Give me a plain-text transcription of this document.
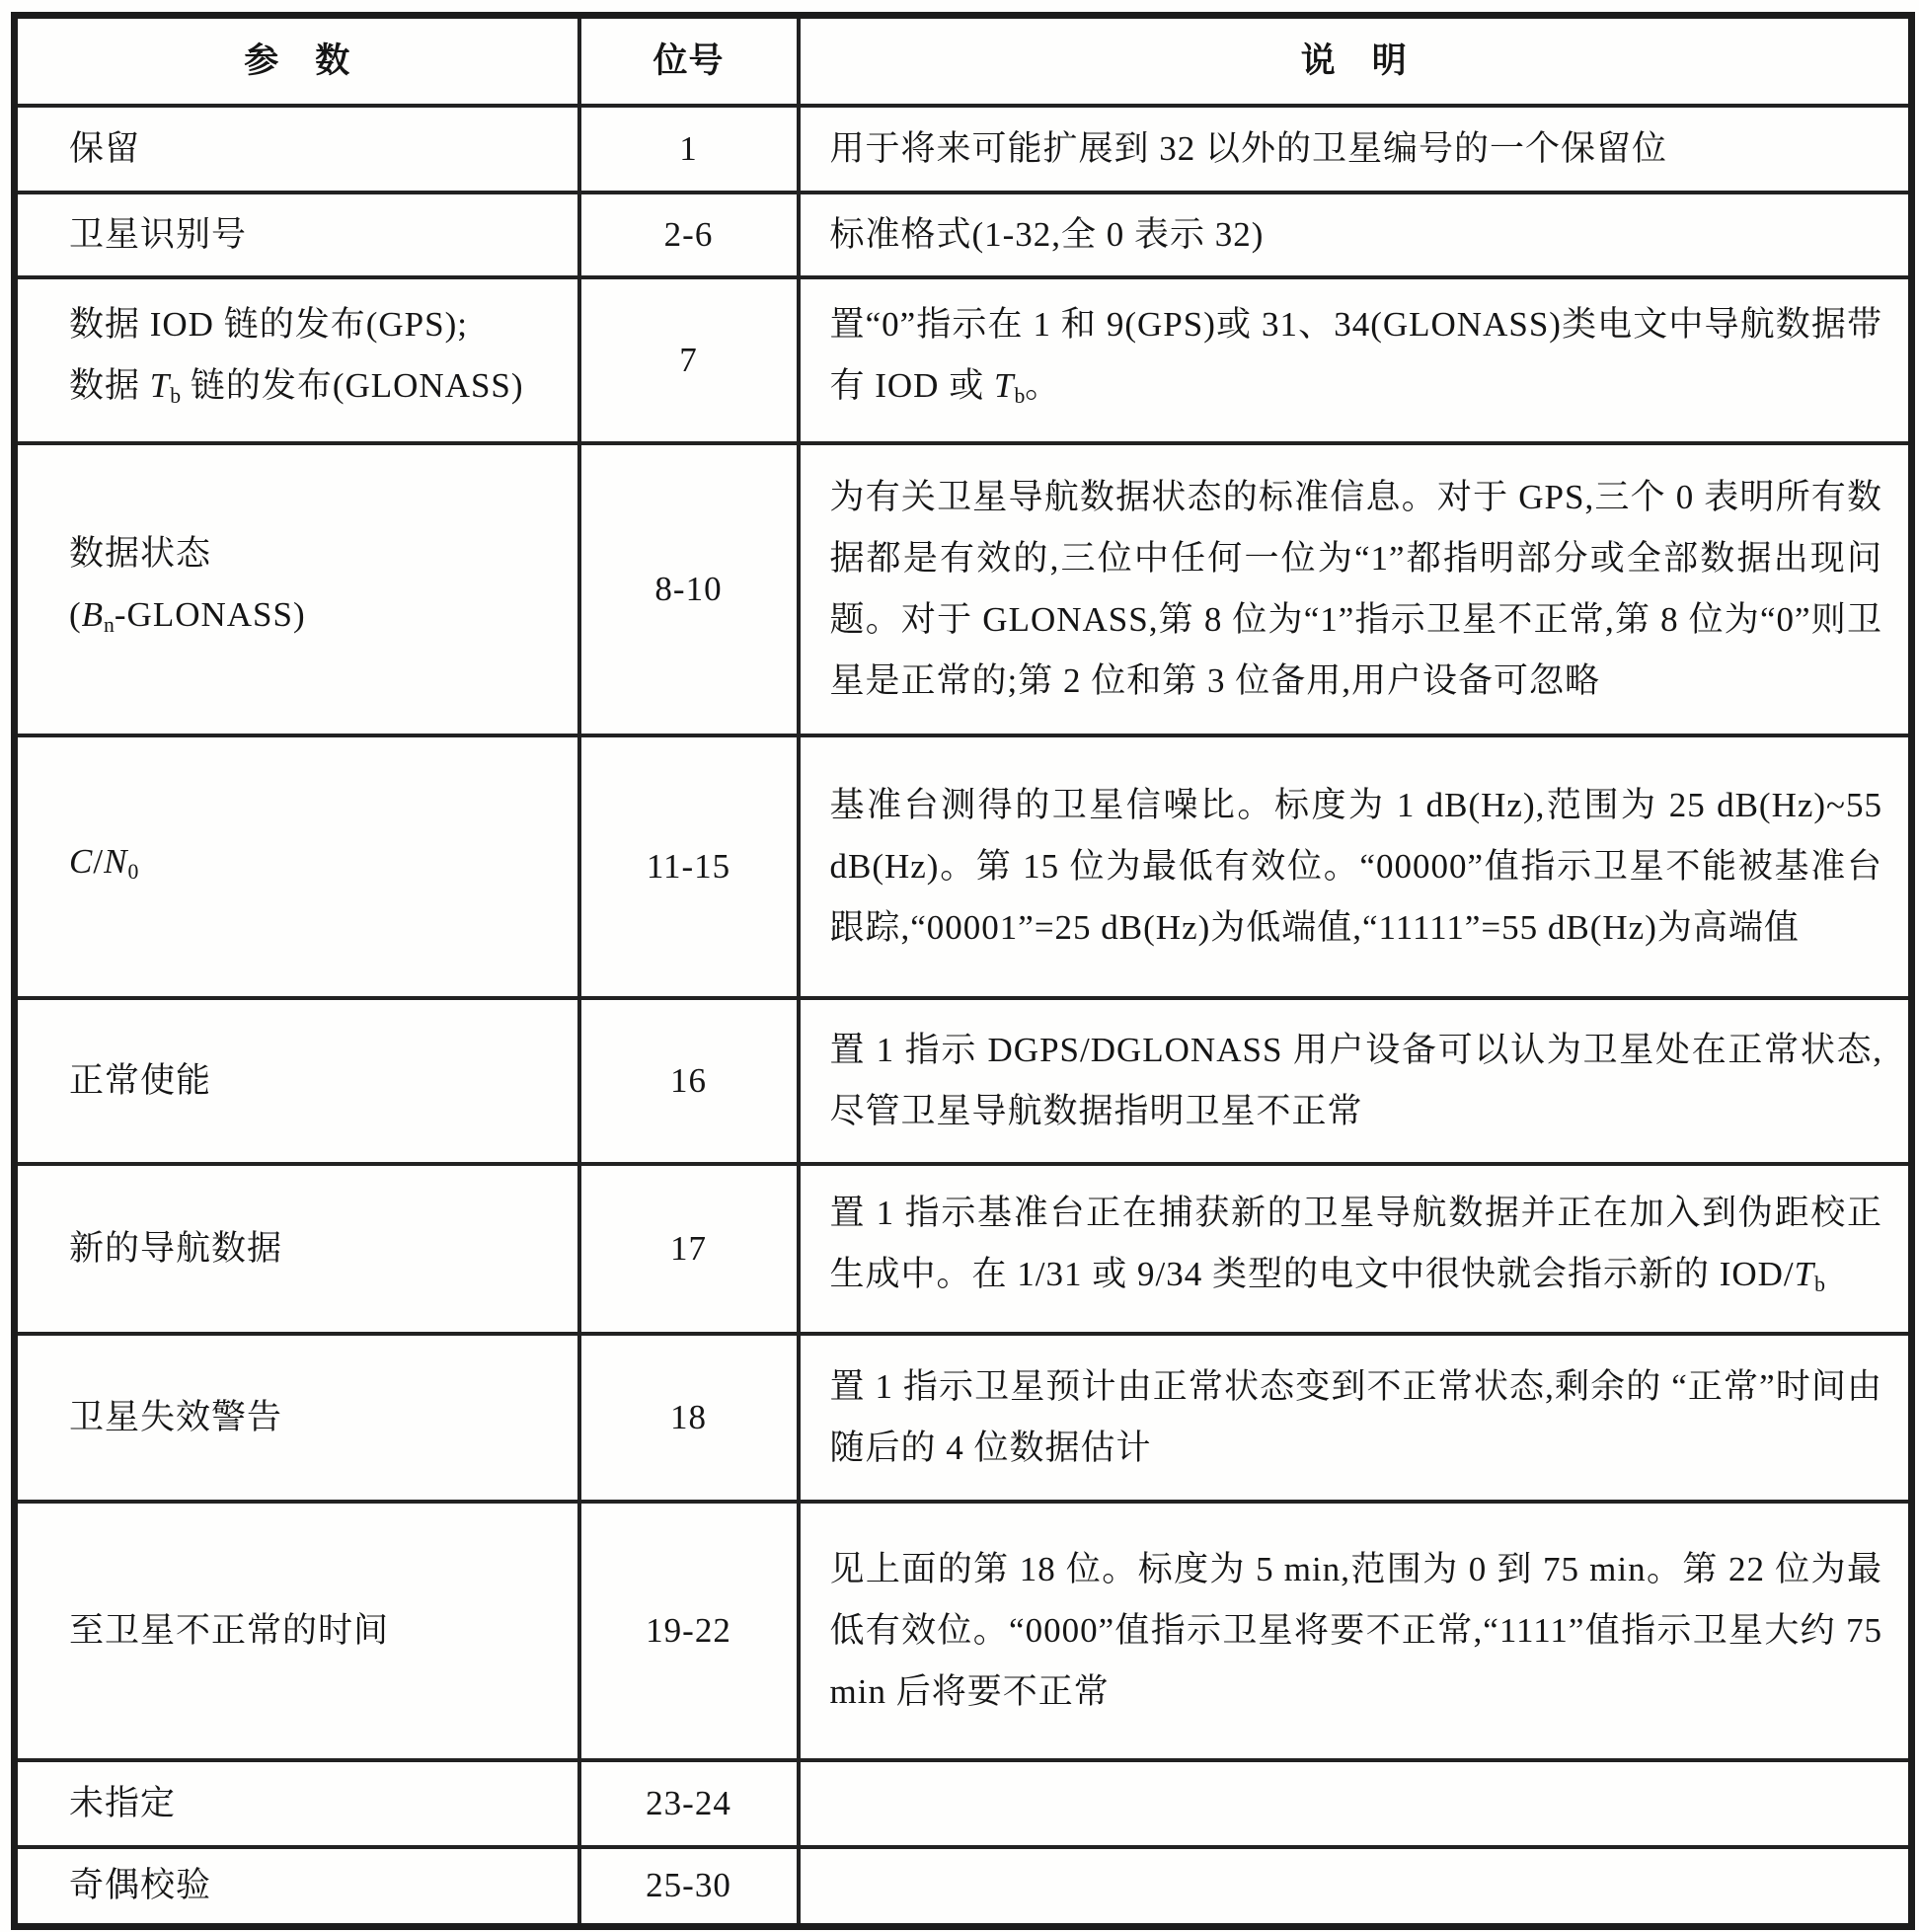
参　数	位号	说　明
保留	1	用于将来可能扩展到 32 以外的卫星编号的一个保留位
卫星识别号	2-6	标准格式(1-32,全 0 表示 32)
数据 IOD 链的发布(GPS);
数据 Tb 链的发布(GLONASS)	7	置“0”指示在 1 和 9(GPS)或 31、34(GLONASS)类电文中导航数据带有 IOD 或 Tb。
数据状态
(Bn-GLONASS)	8-10	为有关卫星导航数据状态的标准信息。对于 GPS,三个 0 表明所有数据都是有效的,三位中任何一位为“1”都指明部分或全部数据出现问题。对于 GLONASS,第 8 位为“1”指示卫星不正常,第 8 位为“0”则卫星是正常的;第 2 位和第 3 位备用,用户设备可忽略
C/N0	11-15	基准台测得的卫星信噪比。标度为 1 dB(Hz),范围为 25 dB(Hz)~55 dB(Hz)。第 15 位为最低有效位。“00000”值指示卫星不能被基准台跟踪,“00001”=25 dB(Hz)为低端值,“11111”=55 dB(Hz)为高端值
正常使能	16	置 1 指示 DGPS/DGLONASS 用户设备可以认为卫星处在正常状态,尽管卫星导航数据指明卫星不正常
新的导航数据	17	置 1 指示基准台正在捕获新的卫星导航数据并正在加入到伪距校正生成中。在 1/31 或 9/34 类型的电文中很快就会指示新的 IOD/Tb
卫星失效警告	18	置 1 指示卫星预计由正常状态变到不正常状态,剩余的 “正常”时间由随后的 4 位数据估计
至卫星不正常的时间	19-22	见上面的第 18 位。标度为 5 min,范围为 0 到 75 min。第 22 位为最低有效位。“0000”值指示卫星将要不正常,“1111”值指示卫星大约 75 min 后将要不正常
未指定	23-24	
奇偶校验	25-30	
